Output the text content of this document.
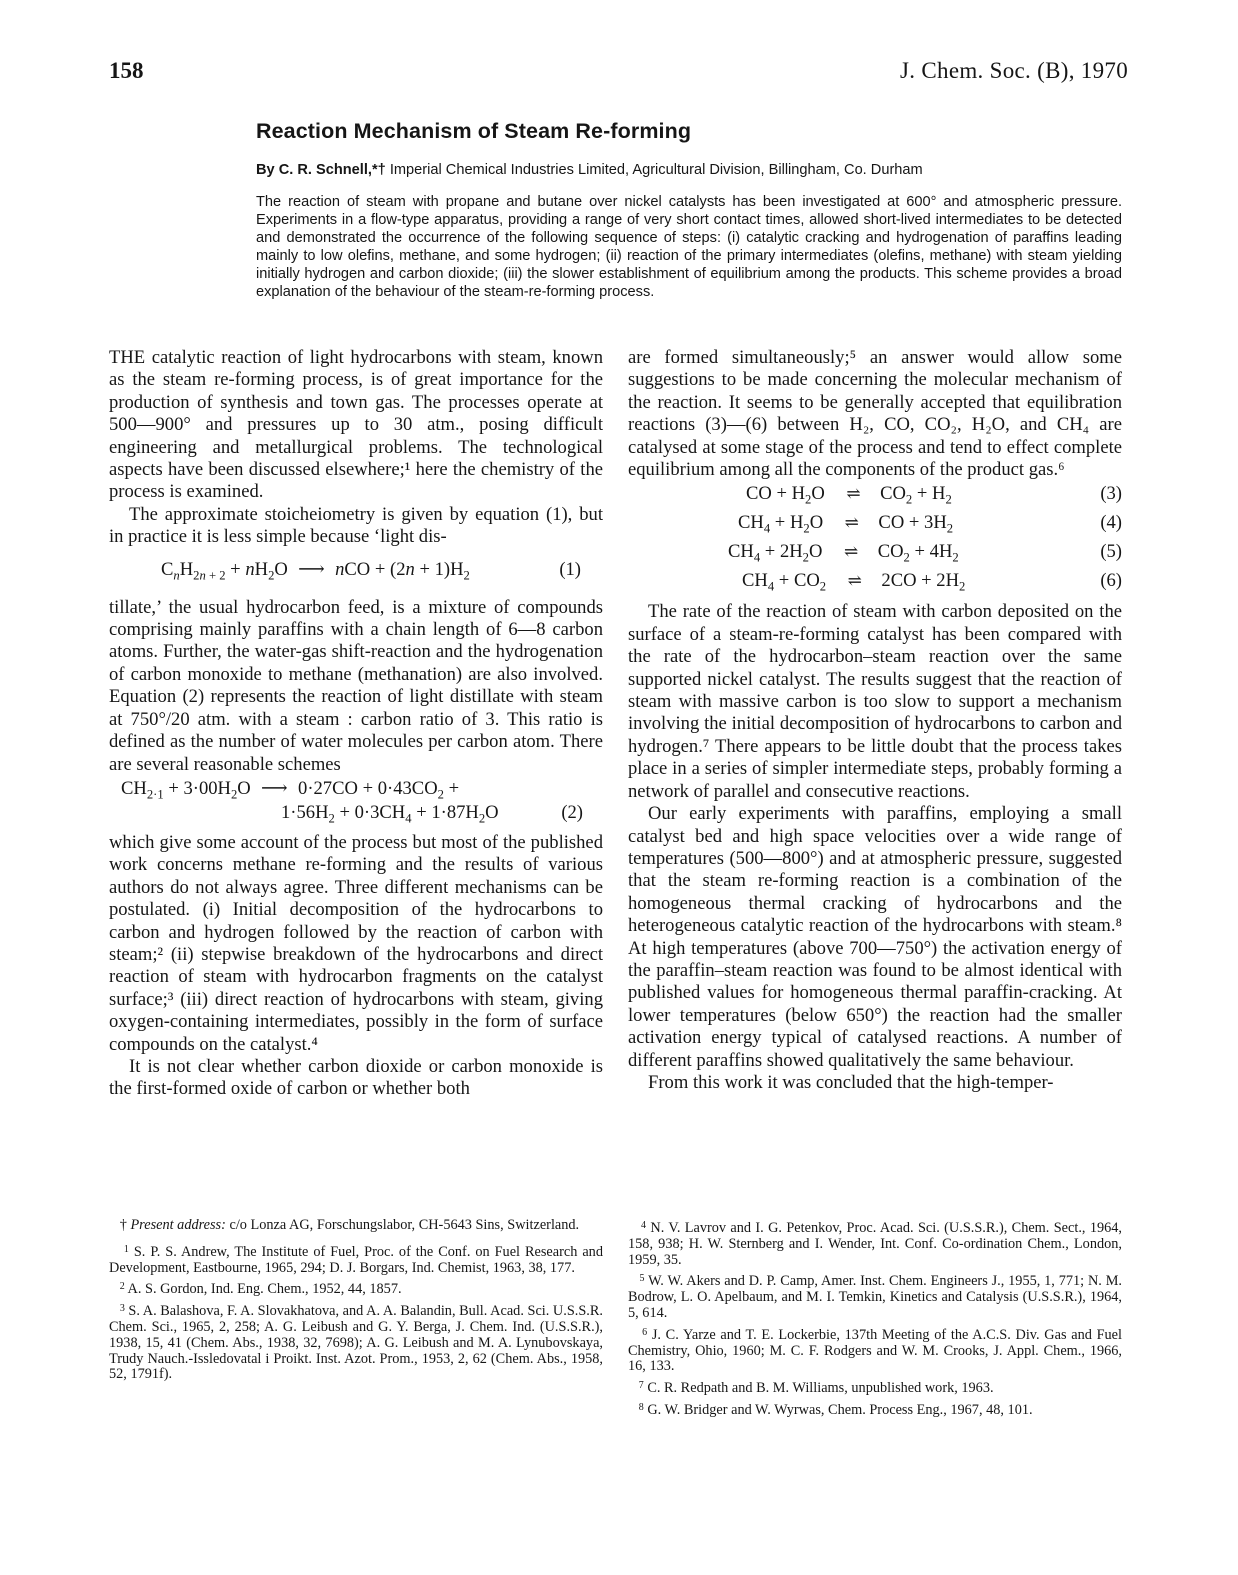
158	J. Chem. Soc. (B), 1970
Reaction Mechanism of Steam Re-forming
By C. R. Schnell,*† Imperial Chemical Industries Limited, Agricultural Division, Billingham, Co. Durham
The reaction of steam with propane and butane over nickel catalysts has been investigated at 600° and atmospheric pressure. Experiments in a flow-type apparatus, providing a range of very short contact times, allowed short-lived intermediates to be detected and demonstrated the occurrence of the following sequence of steps: (i) catalytic cracking and hydrogenation of paraffins leading mainly to low olefins, methane, and some hydrogen; (ii) reaction of the primary intermediates (olefins, methane) with steam yielding initially hydrogen and carbon dioxide; (iii) the slower establishment of equilibrium among the products. This scheme provides a broad explanation of the behaviour of the steam-re-forming process.

THE catalytic reaction of light hydrocarbons with steam, known as the steam re-forming process, is of great importance for the production of synthesis and town gas. The processes operate at 500—900° and pressures up to 30 atm., posing difficult engineering and metallurgical problems. The technological aspects have been discussed elsewhere;¹ here the chemistry of the process is examined.

The approximate stoicheiometry is given by equation (1), but in practice it is less simple because ‘light dis-

$C_nH_{2n + 2} + nH_2O$ ⟶ nCO + $(2n + 1)H_2$	(1)

tillate,’ the usual hydrocarbon feed, is a mixture of compounds comprising mainly paraffins with a chain length of 6—8 carbon atoms. Further, the water-gas shift-reaction and the hydrogenation of carbon monoxide to methane (methanation) are also involved. Equation (2) represents the reaction of light distillate with steam at 750°/20 atm. with a steam : carbon ratio of 3. This ratio is defined as the number of water molecules per carbon atom. There are several reasonable schemes

$CH_{2\cdot 1} + 3\cdot 00H_2O$ ⟶ $0\cdot 27CO + 0\cdot 43CO_2$ +
$1\cdot 56H_2 + 0\cdot 3CH_4 + 1\cdot 87H_2O$	(2)

which give some account of the process but most of the published work concerns methane re-forming and the results of various authors do not always agree. Three different mechanisms can be postulated. (i) Initial decomposition of the hydrocarbons to carbon and hydrogen followed by the reaction of carbon with steam;² (ii) stepwise breakdown of the hydrocarbons and direct reaction of steam with hydrocarbon fragments on the catalyst surface;³ (iii) direct reaction of hydrocarbons with steam, giving oxygen-containing intermediates, possibly in the form of surface compounds on the catalyst.⁴

It is not clear whether carbon dioxide or carbon monoxide is the first-formed oxide of carbon or whether both

are formed simultaneously;⁵ an answer would allow some suggestions to be made concerning the molecular mechanism of the reaction. It seems to be generally accepted that equilibration reactions (3)—(6) between H₂, CO, CO₂, H₂O, and CH₄ are catalysed at some stage of the process and tend to effect complete equilibrium among all the components of the product gas.⁶

CO + $H_2O$ ⇌ $CO_2 + H_2$	(3)
$CH_4 + H_2O$ ⇌ CO + $3H_2$	(4)
$CH_4 + 2H_2O$ ⇌ $CO_2 + 4H_2$	(5)
$CH_4 + CO_2$ ⇌ $2CO + 2H_2$	(6)

The rate of the reaction of steam with carbon deposited on the surface of a steam-re-forming catalyst has been compared with the rate of the hydrocarbon–steam reaction over the same supported nickel catalyst. The results suggest that the reaction of steam with massive carbon is too slow to support a mechanism involving the initial decomposition of hydrocarbons to carbon and hydrogen.⁷ There appears to be little doubt that the process takes place in a series of simpler intermediate steps, probably forming a network of parallel and consecutive reactions.

Our early experiments with paraffins, employing a small catalyst bed and high space velocities over a wide range of temperatures (500—800°) and at atmospheric pressure, suggested that the steam re-forming reaction is a combination of the homogeneous thermal cracking of hydrocarbons and the heterogeneous catalytic reaction of the hydrocarbons with steam.⁸ At high temperatures (above 700—750°) the activation energy of the paraffin–steam reaction was found to be almost identical with published values for homogeneous thermal paraffin-cracking. At lower temperatures (below 650°) the reaction had the smaller activation energy typical of catalysed reactions. A number of different paraffins showed qualitatively the same behaviour.

From this work it was concluded that the high-temper-

† Present address: c/o Lonza AG, Forschungslabor, CH-5643 Sins, Switzerland.

$^1$ S. P. S. Andrew, The Institute of Fuel, Proc. of the Conf. on Fuel Research and Development, Eastbourne, 1965, 294; D. J. Borgars, Ind. Chemist, 1963, 38, 177.

$^2$ A. S. Gordon, Ind. Eng. Chem., 1952, 44, 1857.

$^3$ S. A. Balashova, F. A. Slovakhatova, and A. A. Balandin, Bull. Acad. Sci. U.S.S.R. Chem. Sci., 1965, 2, 258; A. G. Leibush and G. Y. Berga, J. Chem. Ind. (U.S.S.R.), 1938, 15, 41 (Chem. Abs., 1938, 32, 7698); A. G. Leibush and M. A. Lynubovskaya, Trudy Nauch.-Issledovatal i Proikt. Inst. Azot. Prom., 1953, 2, 62 (Chem. Abs., 1958, 52, 1791f).

$^4$ N. V. Lavrov and I. G. Petenkov, Proc. Acad. Sci. (U.S.S.R.), Chem. Sect., 1964, 158, 938; H. W. Sternberg and I. Wender, Int. Conf. Co-ordination Chem., London, 1959, 35.

$^5$ W. W. Akers and D. P. Camp, Amer. Inst. Chem. Engineers J., 1955, 1, 771; N. M. Bodrow, L. O. Apelbaum, and M. I. Temkin, Kinetics and Catalysis (U.S.S.R.), 1964, 5, 614.

$^6$ J. C. Yarze and T. E. Lockerbie, 137th Meeting of the A.C.S. Div. Gas and Fuel Chemistry, Ohio, 1960; M. C. F. Rodgers and W. M. Crooks, J. Appl. Chem., 1966, 16, 133.

$^7$ C. R. Redpath and B. M. Williams, unpublished work, 1963.

$^8$ G. W. Bridger and W. Wyrwas, Chem. Process Eng., 1967, 48, 101.
